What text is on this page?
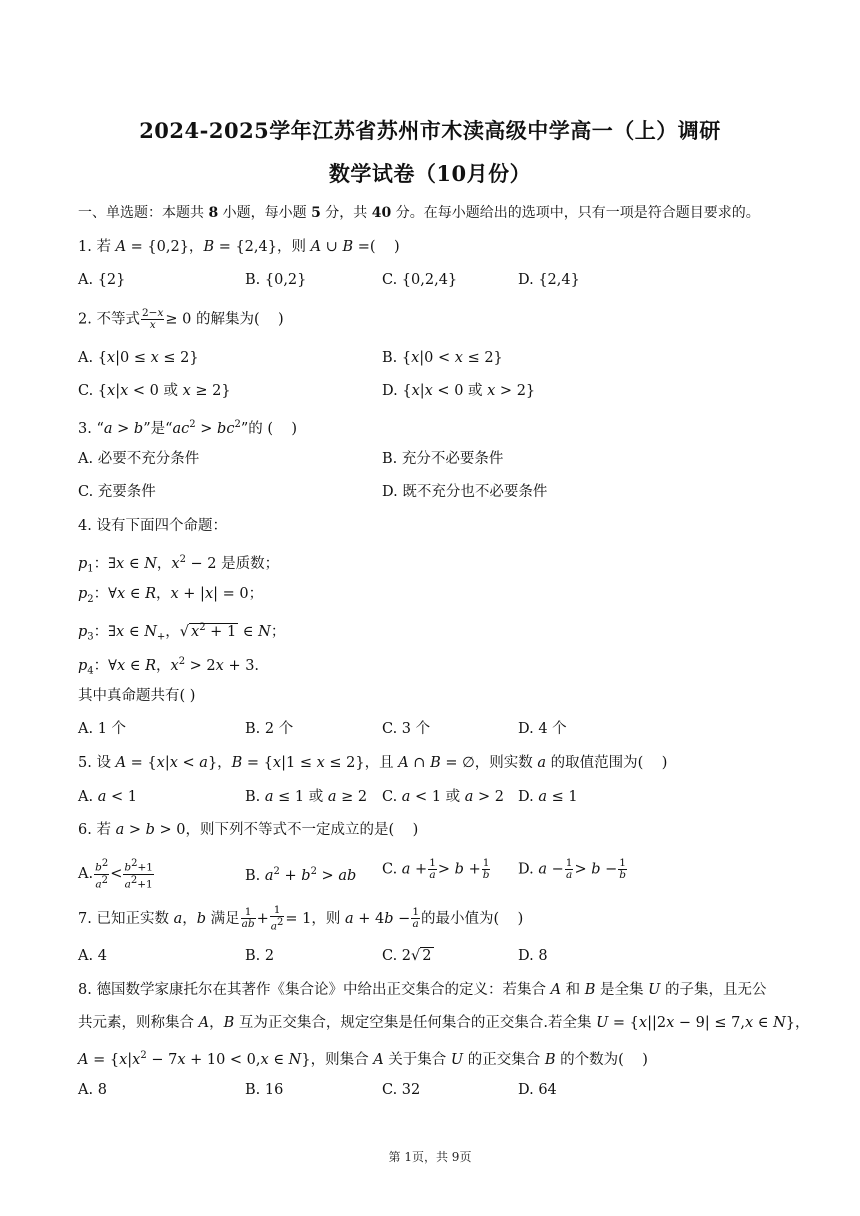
2024-2025学年江苏省苏州市木渎高级中学高一（上）调研
数学试卷（10月份）
一、单选题：本题共 8 小题，每小题 5 分，共 40 分。在每小题给出的选项中，只有一项是符合题目要求的。
1. 若 A = {0,2}，B = {2,4}，则 A ∪ B =(    )
A. {2}	B. {0,2}	C. {0,2,4}	D. {2,4}
2. 不等式 $\frac{2-x}{x} \ge 0$ 的解集为(    )
A. {x|0 ≤ x ≤ 2}	B. {x|0 < x ≤ 2}
C. {x|x < 0 或 x ≥ 2}	D. {x|x < 0 或 x > 2}
3. “a > b”是“$ac^2 > bc^2$”的 (    )
A. 必要不充分条件	B. 充分不必要条件
C. 充要条件	D. 既不充分也不必要条件
4. 设有下面四个命题：
$p_1$：∃x ∈ N，$x^2 - 2$ 是质数；
$p_2$：∀x ∈ R，x + |x| = 0；
$p_3$：∃x ∈ $N_+$，√ $x^2 + 1$ ∈ N；
$p_4$：∀x ∈ R，$x^2 > 2x + 3$.
其中真命题共有( )
A. 1 个	B. 2 个	C. 3 个	D. 4 个
5. 设 A = {x|x < a}，B = {x|1 ≤ x ≤ 2}，且 A ∩ B = ∅，则实数 a 的取值范围为(    )
A. a < 1	B. a ≤ 1 或 a ≥ 2 C. a < 1 或 a > 2 D. a ≤ 1
6. 若 a > b > 0，则下列不等式不一定成立的是(    )
A. $\frac{b^2}{a^2} < \frac{b^2+1}{a^2+1}$	B. $a^2 + b^2$ > ab C. $a + \frac{1}{a} > b + \frac{1}{b} D$. $a - \frac{1}{a} > b - \frac{1}{b}$
7. 已知正实数 a，b 满足 $\frac{1}{ab} + \frac{1}{a^2} = 1$，则 $a + 4b - \frac{1}{a}$ 的最小值为(    )
A. 4	B. 2	C. 2√ 2	D. 8
8. 德国数学家康托尔在其著作《集合论》中给出正交集合的定义：若集合 A 和 B 是全集 U 的子集，且无公
共元素，则称集合 A，B 互为正交集合，规定空集是任何集合的正交集合.若全集 U = {x||2x − 9| ≤ 7,x ∈ N}，
$A = \{x|x^2 - 7x + 10 < 0,x$ ∈ N}，则集合 A 关于集合 U 的正交集合 B 的个数为(    )
A. 8	B. 16	C. 32	D. 64
第 1页，共 9页
